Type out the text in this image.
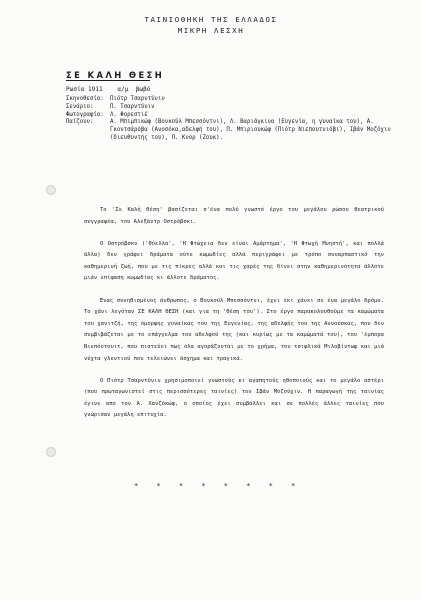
ΤΑΙΝΙΟΘΗΚΗ ΤΗΣ ΕΛΛΑΔΟΣ
ΜΙΚΡΗ ΛΕΣΧΗ
ΣΕ ΚΑΛΗ ΘΕΣΗ
Ρωσία 1911 α/μ βωβό
Σκηνοθεσία:	Πιότρ Τσαρντύνιν
Σενάριο:	Π. Τσαρντύνιν
Φωτογραφία:	Λ. Φορεστιέ
Παίζουν:	Α. Μπιμπικώφ (Βονκοϋλ Μπεσσόντνι), Λ. Βαριάγκινα (Ευγενία, η γυναίκα του), Α. Γκοντσάρόβα (Ανοσόκα,αδελφή του), Π. Μπιριουκώφ (Πιότρ Νιεπουτνιόβι), Ιβάν Μοζόχιν (διευθυντής του), Π. Κνορ (Ζουκ).

Το 'Σε Καλή Θέση' βασίζεται σ'ένα πολύ γνωστό έργο του μεγάλου ρώσου θεατρικού συγγραφέα, του Αλεξάντρ Οστρόβσκι.

Ο Οστρόβσκυ ('Θύελλα', 'Η Φτώχεια δεν είναι Αμάρτημα', 'Η Φτωχή Μνηστή', και πολλά άλλα) δεν γράφει δράματα ούτε κωμωδίες αλλά περιγράφει με τρόπο συναρπαστικό την καθημερινή ζωή, που με τις πίκρες αλλά και τις χαρές της δίνει στην καθημερινότητα άλλοτε μιάν επίφαση κωμωδίας κι άλλοτε δράματος.

Ένας συνηθισμένος άνθρωπος, ο Βονκοϋλ Μπεσσόντνι, έχει εκι χάνει σε ένα μεγάλο δρόμο. Το χάνι λεγόταν ΣΕ ΚΑΛΗ ΘΕΣΗ (και για τη 'θέση του'). Στο έργο παρακολουθούμε τα καμώματα του χανιτζή, της όμορφης γυναίκας του της Ευγενίας, της αδελφής του της Αννούσκας, που δεν συμβιβάζεται με το επάγγελμα του αδελφού της (και κυρίως με τα καμώματά του), του 'έμπορα Νιεπόντουιτ, που πιστεύει πως όλα αγοράζονται με το χρήμα, τον τσιφλικά Μιλοβίντωφ και μιά νύχτα γλεντιού που τελειώνει άσχημα και τραγικά.

Ο Πιότρ Τσαρντύνιν χρησιμοποιεί γνωστούς κι αγαπητούς ηθοποιούς και το μεγάλο αστέρι (που πρωταγωνιστεί στις περισσότερες ταινίες) τον Ιβάν Μοζούχιν. Η παραγωγή της ταινίας έγινε απο τον Α. Χανζόκώφ, ο οποίος έχει συμβάλλει και σε πολλές άλλες ταινίες που γνώρισαν μεγάλη επιτυχία.

* * * * * * * *
